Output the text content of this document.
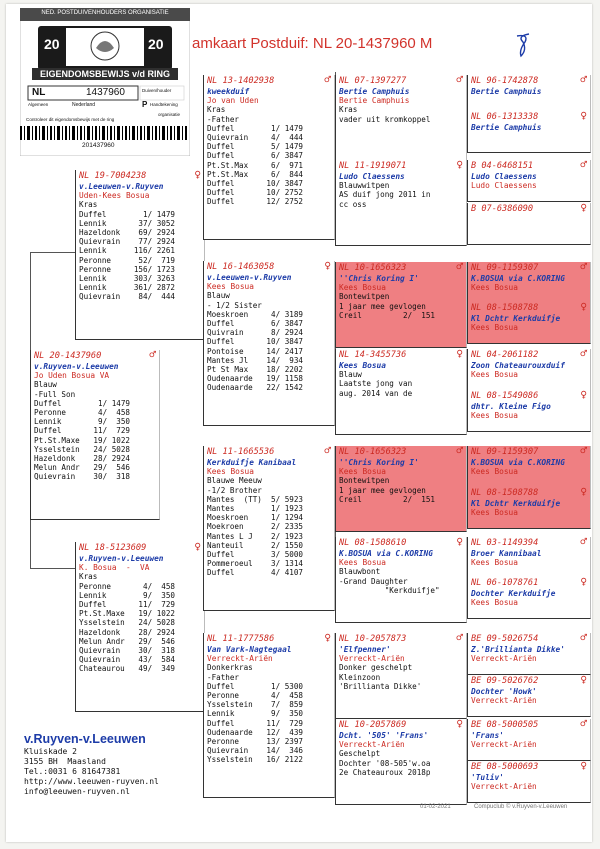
NED. POSTDUIVENHOUDERS ORGANISATIE
20	20
EIGENDOMSBEWIJS v/d RING
NL	1437960
Nederland
Duiven/houder
P Handtekening
Algemeen
organisatie
Controleer dit eigendomsbewijs met de ring
201437960
amkaart Postduif: NL 20-1437960 M
NL 20-1437960	♂
v.Ruyven-v.Leeuwen
Jo Uden Bosua VA
Blauw
-Full Son
Duffel        1/ 1479
Peronne       4/  458
Lennik        9/  350
Duffel       11/  729
Pt.St.Maxe   19/ 1022
Ysselstein   24/ 5028
Hazeldonk    28/ 2924
Melun Andr   29/  546
Quievrain    30/  318
NL 19-7004238	♀
v.Leeuwen-v.Ruyven
Uden-Kees Bosua
Kras
Duffel        1/ 1479
Lennik       37/ 3052
Hazeldonk    69/ 2924
Quievrain    77/ 2924
Lennik      116/ 2261
Peronne      52/  719
Peronne     156/ 1723
Lennik      303/ 3263
Lennik      361/ 2872
Quievrain    84/  444
NL 18-5123609	♀
v.Ruyven-v.Leeuwen
K. Bosua  -  VA
Kras
Peronne       4/  458
Lennik        9/  350
Duffel       11/  729
Pt.St.Maxe   19/ 1022
Ysselstein   24/ 5028
Hazeldonk    28/ 2924
Melun Andr   29/  546
Quievrain    30/  318
Quievrain    43/  584
Chateaurou   49/  349
NL 13-1402938	♂
kweekduif
Jo van Uden
Kras
-Father
Duffel        1/ 1479
Quievrain     4/  444
Duffel        5/ 1479
Duffel        6/ 3847
Pt.St.Max     6/  971
Pt.St.Max     6/  844
Duffel       10/ 3847
Duffel       10/ 2752
Duffel       12/ 2752
NL 16-1463058	♀
v.Leeuwen-v.Ruyven
Kees Bosua
Blauw
- 1/2 Sister
Moeskroen     4/ 3189
Duffel        6/ 3847
Quivrain      8/ 2924
Duffel       10/ 3847
Pontoise     14/ 2417
Mantes Jl    14/  934
Pt St Max    18/ 2202
Oudenaarde   19/ 1158
Oudenaarde   22/ 1542
NL 11-1665536	♂
Kerkduifje Kanibaal
Kees Bosua
Blauwe Meeuw
-1/2 Brother
Mantes  (TT)  5/ 5923
Mantes        1/ 1923
Moeskroen     1/ 1294
Moekroen      2/ 2335
Mantes L J    2/ 1923
Nanteuil      2/ 1550
Duffel        3/ 5000
Pommeroeul    3/ 1314
Duffel        4/ 4107
NL 11-1777586	♀
Van Vark-Nagtegaal
Verreckt-Ariën
Donkerkras
-Father
Duffel        1/ 5300
Peronne       4/  458
Ysselstein    7/  859
Lennik        9/  350
Duffel       11/  729
Oudenaarde   12/  439
Peronne      13/ 2397
Quievrain    14/  346
Ysselstein   16/ 2122
NL 07-1397277	♂
Bertie Camphuis
Bertie Camphuis
Kras
vader uit kromkoppel
NL 11-1919071	♀
Ludo Claessens
Blauwwitpen
AS duif jong 2011 in
cc oss
NL 10-1656323	♂
''Chris Koring I'
Kees Bosua
Bontewitpen
1 jaar mee gevlogen
Creil         2/  151
NL 14-3455736	♀
Kees Bosua
Blauw
Laatste jong van
aug. 2014 van de
NL 10-1656323	♂
''Chris Koring I'
Kees Bosua
Bontewitpen
1 jaar mee gevlogen
Creil         2/  151
NL 08-1508610	♀
K.BOSUA via C.KORING
Kees Bosua
Blauwbont
-Grand Daughter
"Kerkduifje"
NL 10-2057873	♂
'Elfpenner'
Verreckt-Ariën
Donker geschelpt
Kleinzoon
'Brillianta Dikke'
NL 10-2057869	♀
Dcht. '505' 'Frans'
Verreckt-Ariën
Geschelpt
Dochter '08-505'w.oa
2e Chateauroux 2018p
NL 96-1742878	♂
Bertie Camphuis
NL 06-1313338	♀
Bertie Camphuis
B 04-6468151	♂
Ludo Claessens
Ludo Claessens
B 07-6386090	♀
NL 09-1159307	♂
K.BOSUA via C.KORING
Kees Bosua
NL 08-1508788	♀
Kl Dchtr Kerkduifje
Kees Bosua
NL 04-2061182	♂
Zoon Chateaurouxduif
Kees Bosua
NL 08-1549086	♀
dhtr. Kleine Figo
Kees Bosua
NL 09-1159307	♂
K.BOSUA via C.KORING
Kees Bosua
NL 08-1508788	♀
Kl Dchtr Kerkduifje
Kees Bosua
NL 03-1149394	♂
Broer Kannibaal
Kees Bosua
NL 06-1078761	♀
Dochter Kerkduifje
Kees Bosua
BE 09-5026754	♂
Z.'Brillianta Dikke'
Verreckt-Ariën
BE 09-5026762	♀
Dochter 'Howk'
Verreckt-Ariën
BE 08-5000505	♂
'Frans'
Verreckt-Ariën
BE 08-5000693	♀
'Tuliv'
Verreckt-Ariën
v.Ruyven-v.Leeuwen
Kluiskade 2
3155 BH  Maasland
Tel.:0031 6 81647381
http://www.leeuwen-ruyven.nl
info@leeuwen-ruyven.nl
01-02-2021	Compuclub © v.Ruyven-v.Leeuwen
